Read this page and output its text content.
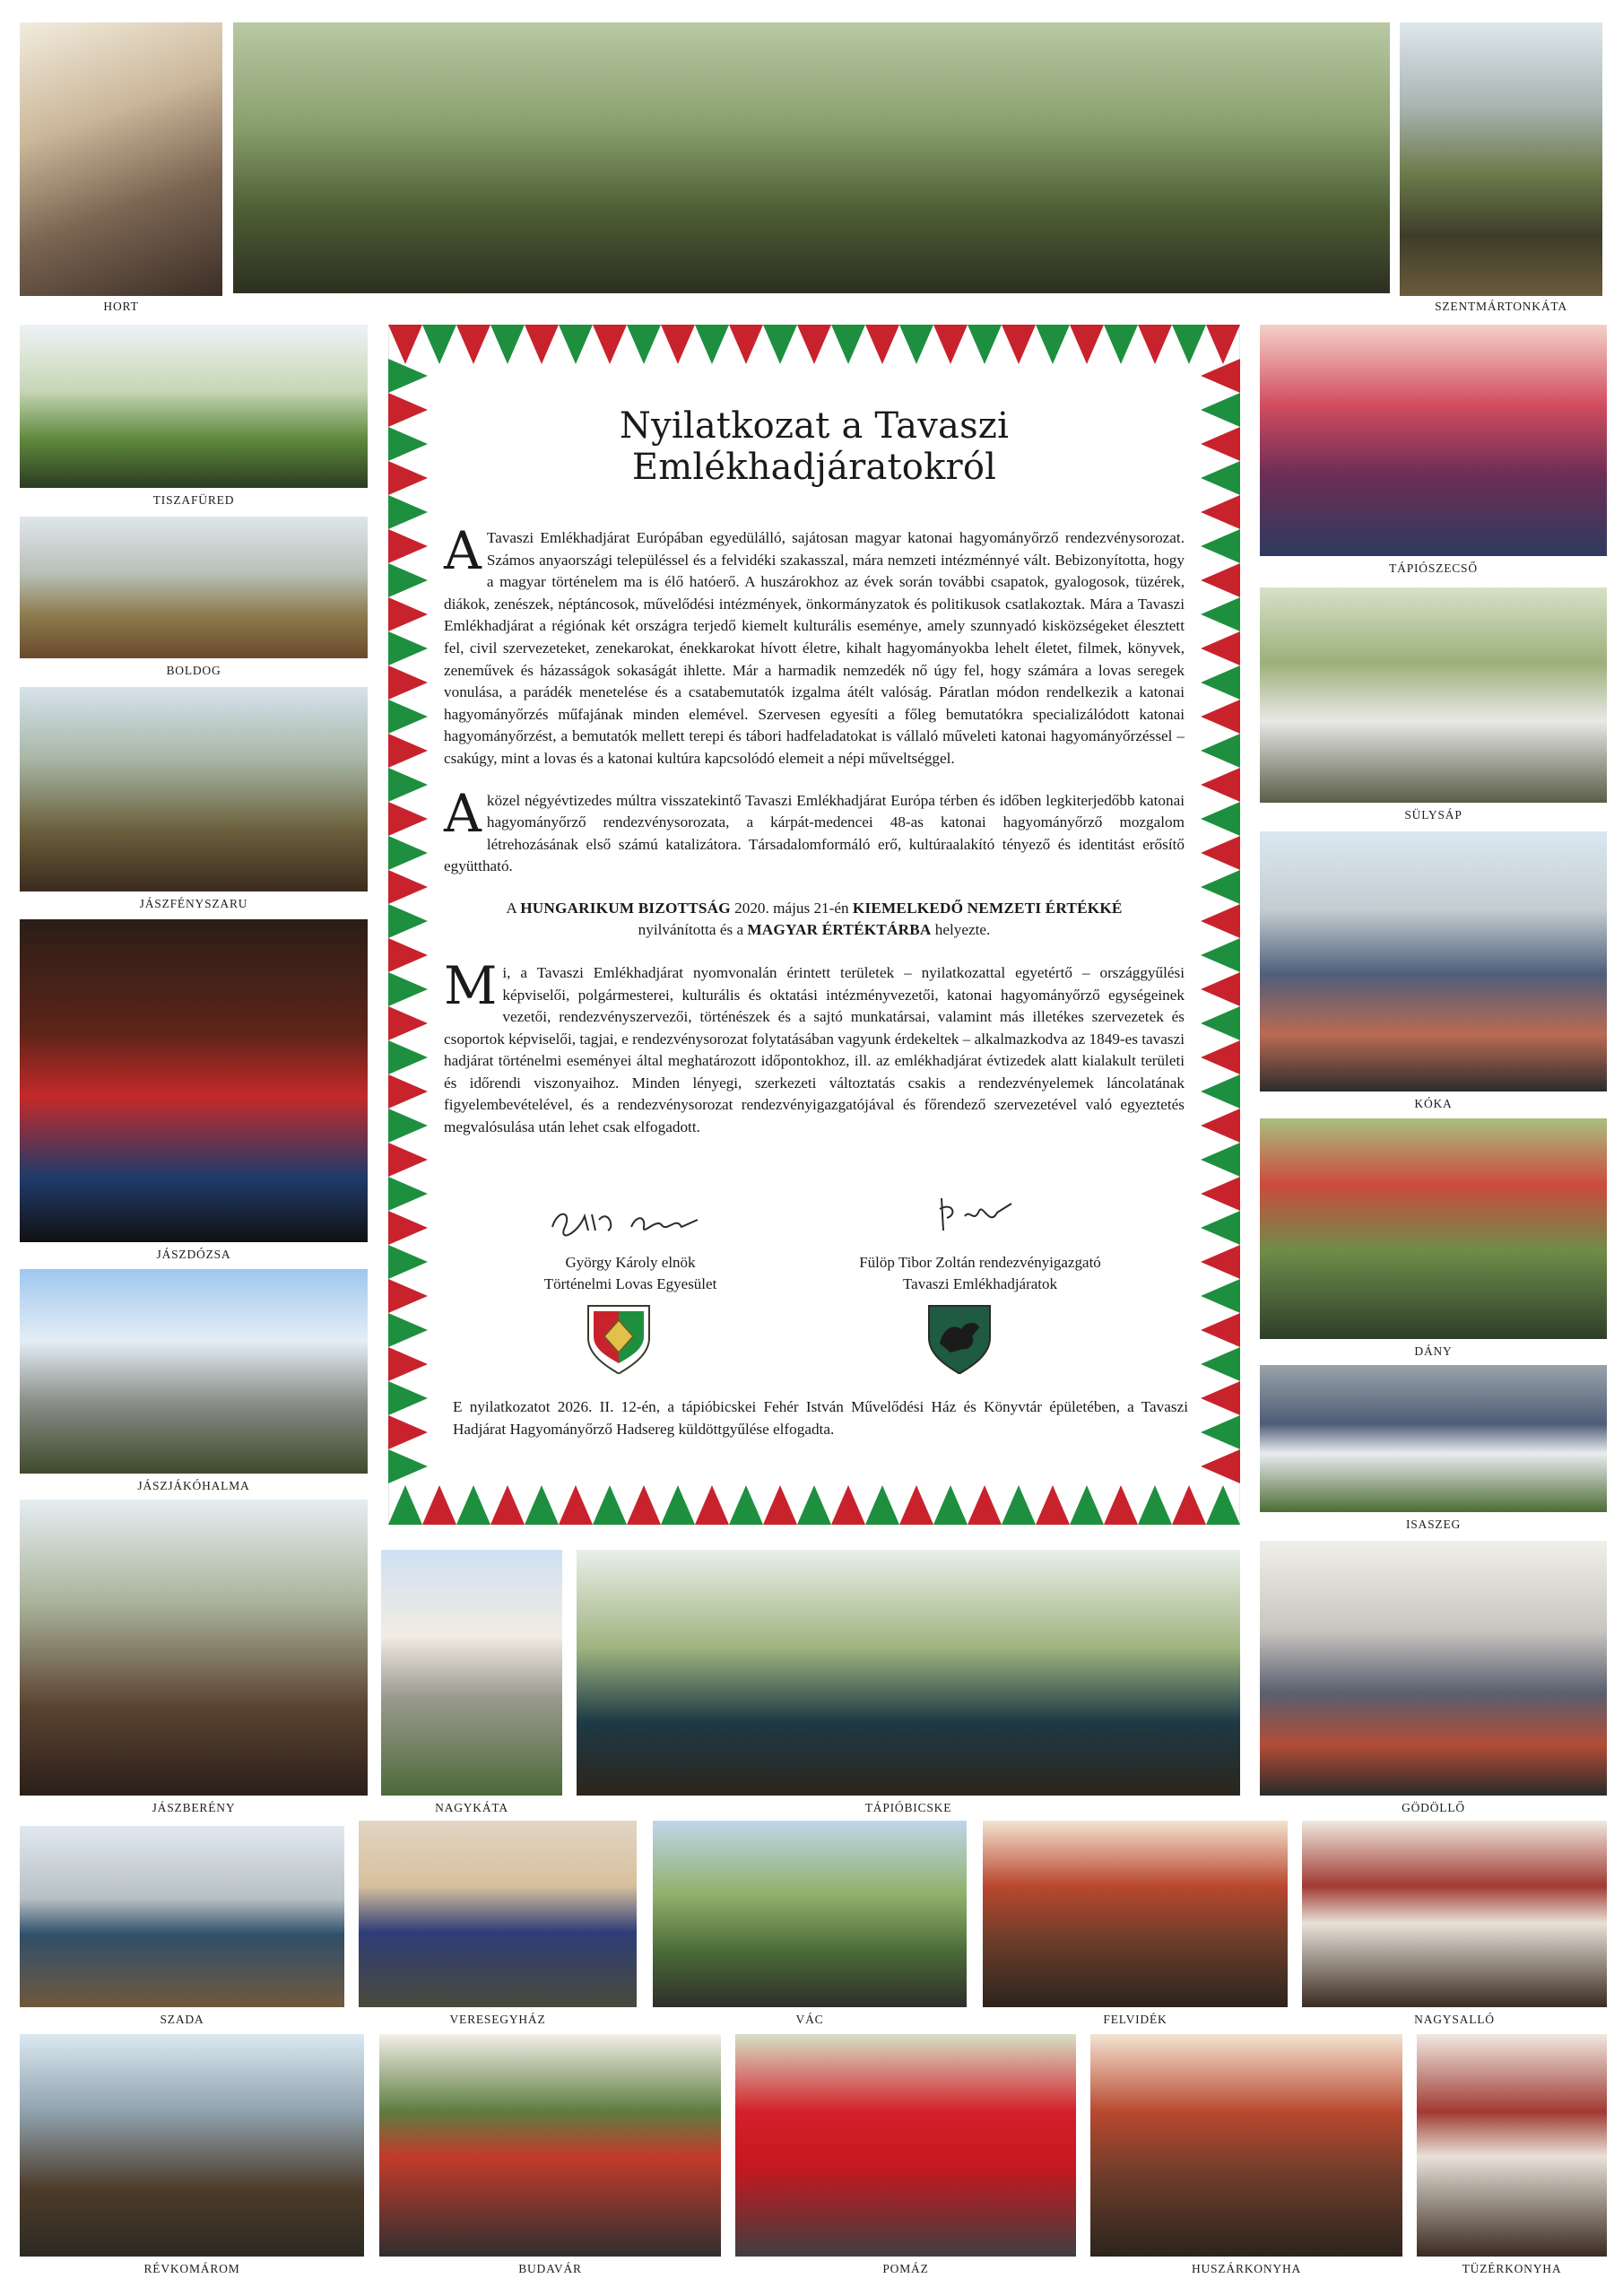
HORT	SZENTMÁRTONKÁTA
TISZAFÜRED
BOLDOG
JÁSZFÉNYSZARU
JÁSZDÓZSA
JÁSZJÁKÓHALMA
TÁPIÓSZECSŐ
SÜLYSÁP
KÓKA
DÁNY
ISASZEG
JÁSZBERÉNY	NAGYKÁTA	TÁPIÓBICSKE	GÖDÖLLŐ
SZADA	VERESEGYHÁZ	VÁC	FELVIDÉK	NAGYSALLÓ
RÉVKOMÁROM	BUDAVÁR	POMÁZ	HUSZÁRKONYHA	TÜZÉRKONYHA
Nyilatkozat a Tavaszi Emlékhadjáratokról

A Tavaszi Emlékhadjárat Európában egyedülálló, sajátosan magyar katonai hagyományőrző rendezvénysorozat. Számos anyaországi településsel és a felvidéki szakasszal, mára nemzeti intézménnyé vált. Bebizonyította, hogy a magyar történelem ma is élő hatóerő. A huszárokhoz az évek során további csapatok, gyalogosok, tüzérek, diákok, zenészek, néptáncosok, művelődési intézmények, önkormányzatok és politikusok csatlakoztak. Mára a Tavaszi Emlékhadjárat a régiónak két országra terjedő kiemelt kulturális eseménye, amely szunnyadó kisközségeket élesztett fel, civil szervezeteket, zenekarokat, énekkarokat hívott életre, kihalt hagyományokba lehelt életet, filmek, könyvek, zeneművek és házasságok sokaságát ihlette. Már a harmadik nemzedék nő úgy fel, hogy számára a lovas seregek vonulása, a parádék menetelése és a csatabemutatók izgalma átélt valóság. Páratlan módon rendelkezik a katonai hagyományőrzés műfajának minden elemével. Szervesen egyesíti a főleg bemutatókra specializálódott katonai hagyományőrzést, a bemutatók mellett terepi és tábori hadfeladatokat is vállaló műveleti katonai hagyományőrzéssel – csakúgy, mint a lovas és a katonai kultúra kapcsolódó elemeit a népi műveltséggel.

Aközel négyévtizedes múltra visszatekintő Tavaszi Emlékhadjárat Európa térben és időben legkiterjedőbb katonai hagyományőrző rendezvénysorozata, a kárpát-medencei 48-as katonai hagyományőrző mozgalom létrehozásának első számú katalizátora. Társadalomformáló erő, kultúraalakító tényező és identitást erősítő együttható.

A HUNGARIKUM BIZOTTSÁG 2020. május 21-én KIEMELKEDŐ NEMZETI ÉRTÉKKÉ
nyilvánította és a MAGYAR ÉRTÉKTÁRBA helyezte.

Mi, a Tavaszi Emlékhadjárat nyomvonalán érintett területek – nyilatkozattal egyetértő – országgyűlési képviselői, polgármesterei, kulturális és oktatási intézményvezetői, katonai hagyományőrző egységeinek vezetői, rendezvényszervezői, történészek és a sajtó munkatársai, valamint más illetékes szervezetek és csoportok képviselői, tagjai, e rendezvénysorozat folytatásában vagyunk érdekeltek – alkalmazkodva az 1849-es tavaszi hadjárat történelmi eseményei által meghatározott időpontokhoz, ill. az emlékhadjárat évtizedek alatt kialakult területi és időrendi viszonyaihoz. Minden lényegi, szerkezeti változtatás csakis a rendezvényelemek láncolatának figyelembevételével, és a rendezvénysorozat rendezvényigazgatójával és főrendező szervezetével való egyeztetés megvalósulása után lehet csak elfogadott.

György Károly elnök
Történelmi Lovas Egyesület
Fülöp Tibor Zoltán rendezvényigazgató
Tavaszi Emlékhadjáratok
E nyilatkozatot 2026. II. 12-én, a tápióbicskei Fehér István Művelődési Ház és Könyvtár épületében, a Tavaszi Hadjárat Hagyományőrző Hadsereg küldöttgyűlése elfogadta.
